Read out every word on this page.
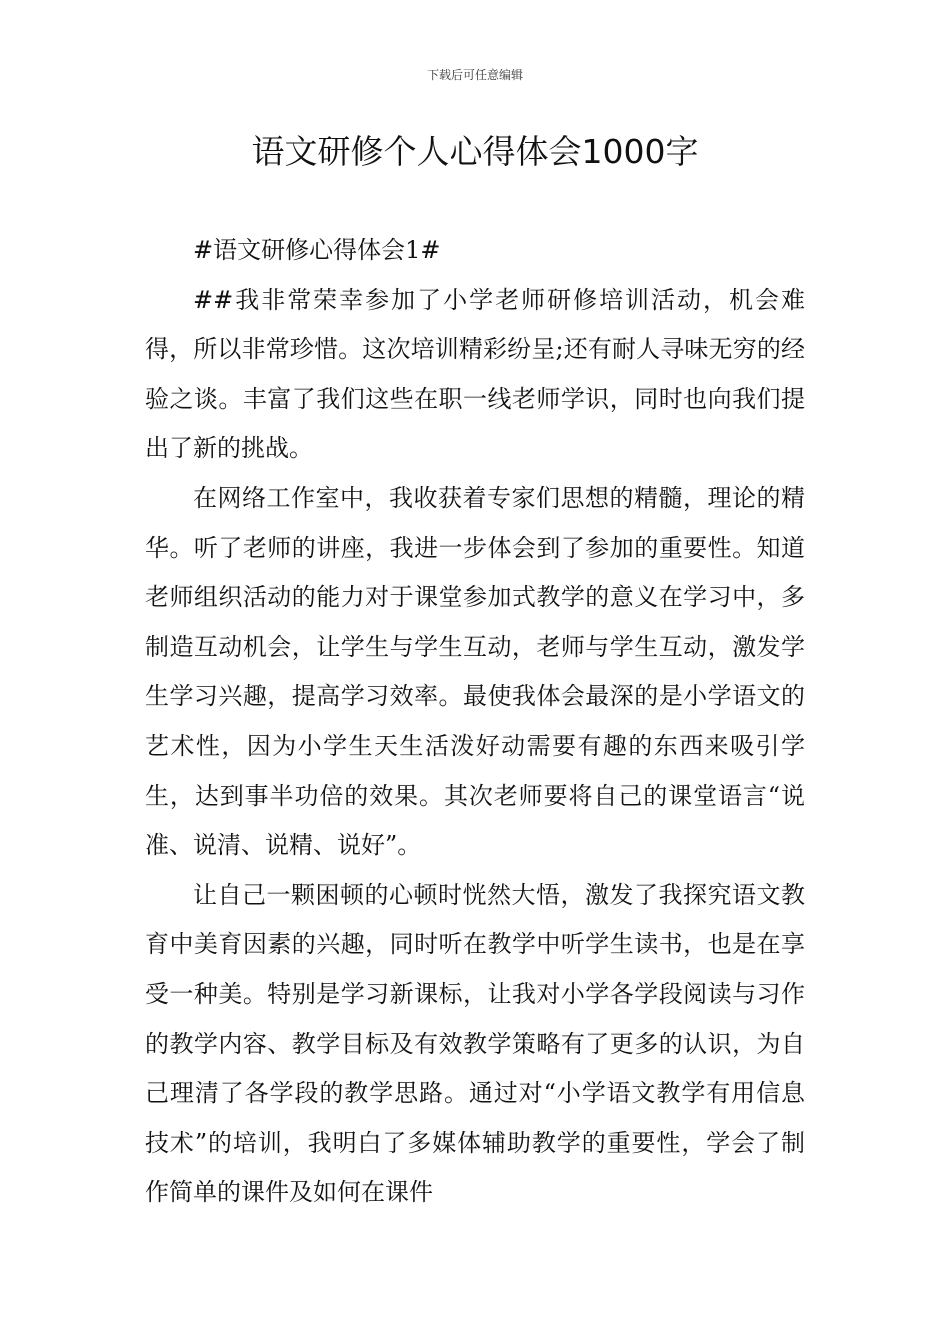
下载后可任意编辑
语文研修个人心得体会1000字

#语文研修心得体会1#

##我非常荣幸参加了小学老师研修培训活动，机会难得，所以非常珍惜。这次培训精彩纷呈;还有耐人寻味无穷的经验之谈。丰富了我们这些在职一线老师学识，同时也向我们提出了新的挑战。

在网络工作室中，我收获着专家们思想的精髓，理论的精华。听了老师的讲座，我进一步体会到了参加的重要性。知道老师组织活动的能力对于课堂参加式教学的意义在学习中，多制造互动机会，让学生与学生互动，老师与学生互动，激发学生学习兴趣，提高学习效率。最使我体会最深的是小学语文的艺术性，因为小学生天生活泼好动需要有趣的东西来吸引学生，达到事半功倍的效果。其次老师要将自己的课堂语言“说准、说清、说精、说好”。

让自己一颗困顿的心顿时恍然大悟，激发了我探究语文教育中美育因素的兴趣，同时听在教学中听学生读书，也是在享受一种美。特别是学习新课标，让我对小学各学段阅读与习作的教学内容、教学目标及有效教学策略有了更多的认识，为自己理清了各学段的教学思路。通过对“小学语文教学有用信息技术”的培训，我明白了多媒体辅助教学的重要性，学会了制作简单的课件及如何在课件
